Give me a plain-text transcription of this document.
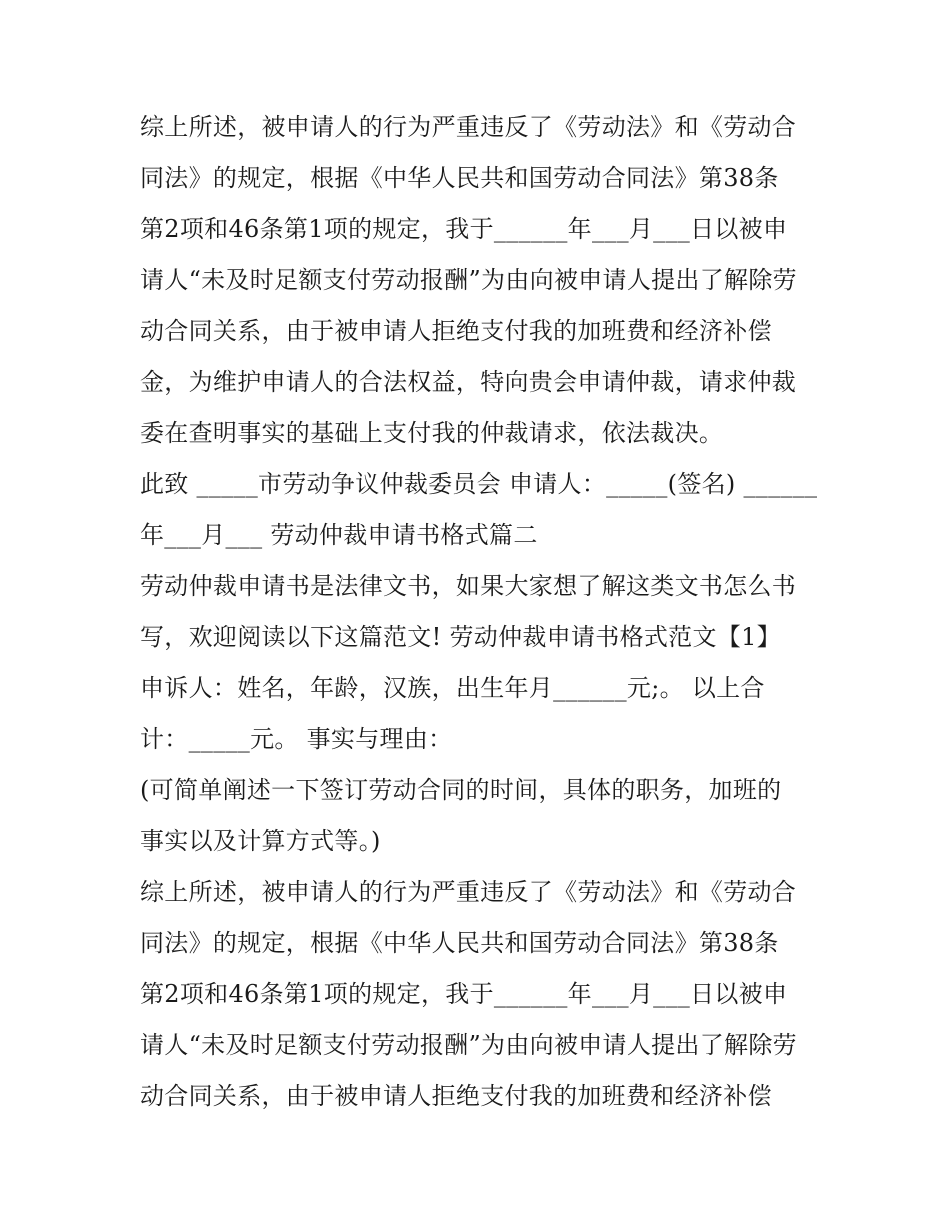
综上所述，被申请人的行为严重违反了《劳动法》和《劳动合
同法》的规定，根据《中华人民共和国劳动合同法》第38条
第2项和46条第1项的规定，我于______年___月___日以被申
请人“未及时足额支付劳动报酬”为由向被申请人提出了解除劳
动合同关系，由于被申请人拒绝支付我的加班费和经济补偿
金，为维护申请人的合法权益，特向贵会申请仲裁，请求仲裁
委在查明事实的基础上支付我的仲裁请求，依法裁决。
此致 _____市劳动争议仲裁委员会 申请人：_____(签名) ______
年___月___ 劳动仲裁申请书格式篇二
劳动仲裁申请书是法律文书，如果大家想了解这类文书怎么书
写，欢迎阅读以下这篇范文! 劳动仲裁申请书格式范文【1】
申诉人：姓名，年龄，汉族，出生年月______元;。 以上合
计：_____元。 事实与理由：
(可简单阐述一下签订劳动合同的时间，具体的职务，加班的
事实以及计算方式等。)
综上所述，被申请人的行为严重违反了《劳动法》和《劳动合
同法》的规定，根据《中华人民共和国劳动合同法》第38条
第2项和46条第1项的规定，我于______年___月___日以被申
请人“未及时足额支付劳动报酬”为由向被申请人提出了解除劳
动合同关系，由于被申请人拒绝支付我的加班费和经济补偿
